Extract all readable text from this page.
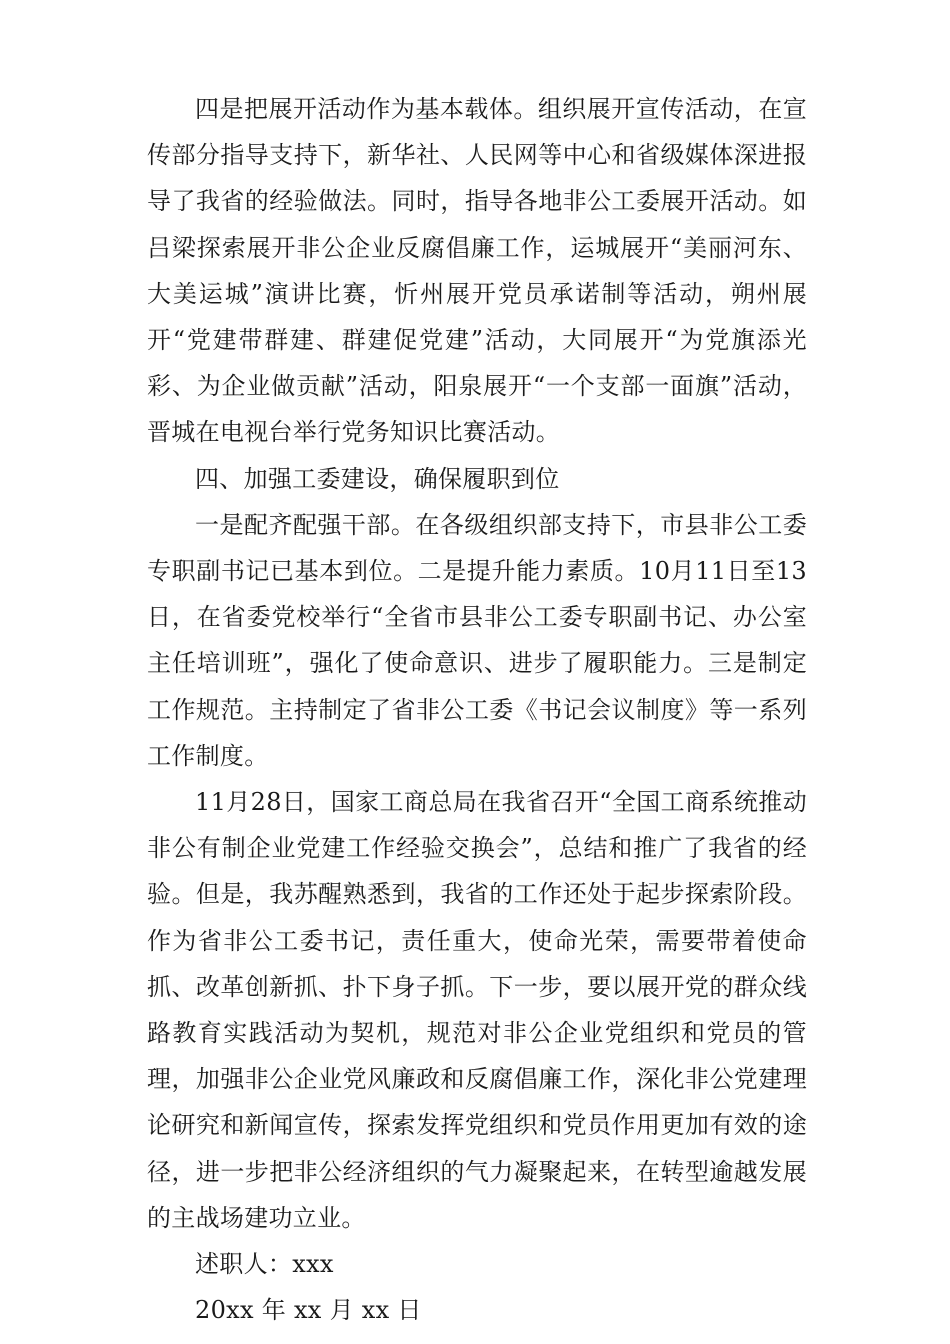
四是把展开活动作为基本载体。组织展开宣传活动，在宣传部分指导支持下，新华社、人民网等中心和省级媒体深进报导了我省的经验做法。同时，指导各地非公工委展开活动。如吕梁探索展开非公企业反腐倡廉工作，运城展开“美丽河东、大美运城”演讲比赛，忻州展开党员承诺制等活动，朔州展开“党建带群建、群建促党建”活动，大同展开“为党旗添光彩、为企业做贡献”活动，阳泉展开“一个支部一面旗”活动，晋城在电视台举行党务知识比赛活动。

四、加强工委建设，确保履职到位

一是配齐配强干部。在各级组织部支持下，市县非公工委专职副书记已基本到位。二是提升能力素质。10月11日至13日，在省委党校举行“全省市县非公工委专职副书记、办公室主任培训班”，强化了使命意识、进步了履职能力。三是制定工作规范。主持制定了省非公工委《书记会议制度》等一系列工作制度。

11月28日，国家工商总局在我省召开“全国工商系统推动非公有制企业党建工作经验交换会”，总结和推广了我省的经验。但是，我苏醒熟悉到，我省的工作还处于起步探索阶段。作为省非公工委书记，责任重大，使命光荣，需要带着使命抓、改革创新抓、扑下身子抓。下一步，要以展开党的群众线路教育实践活动为契机，规范对非公企业党组织和党员的管理，加强非公企业党风廉政和反腐倡廉工作，深化非公党建理论研究和新闻宣传，探索发挥党组织和党员作用更加有效的途径，进一步把非公经济组织的气力凝聚起来，在转型逾越发展的主战场建功立业。

述职人：xxx

20xx 年 xx 月 xx 日
